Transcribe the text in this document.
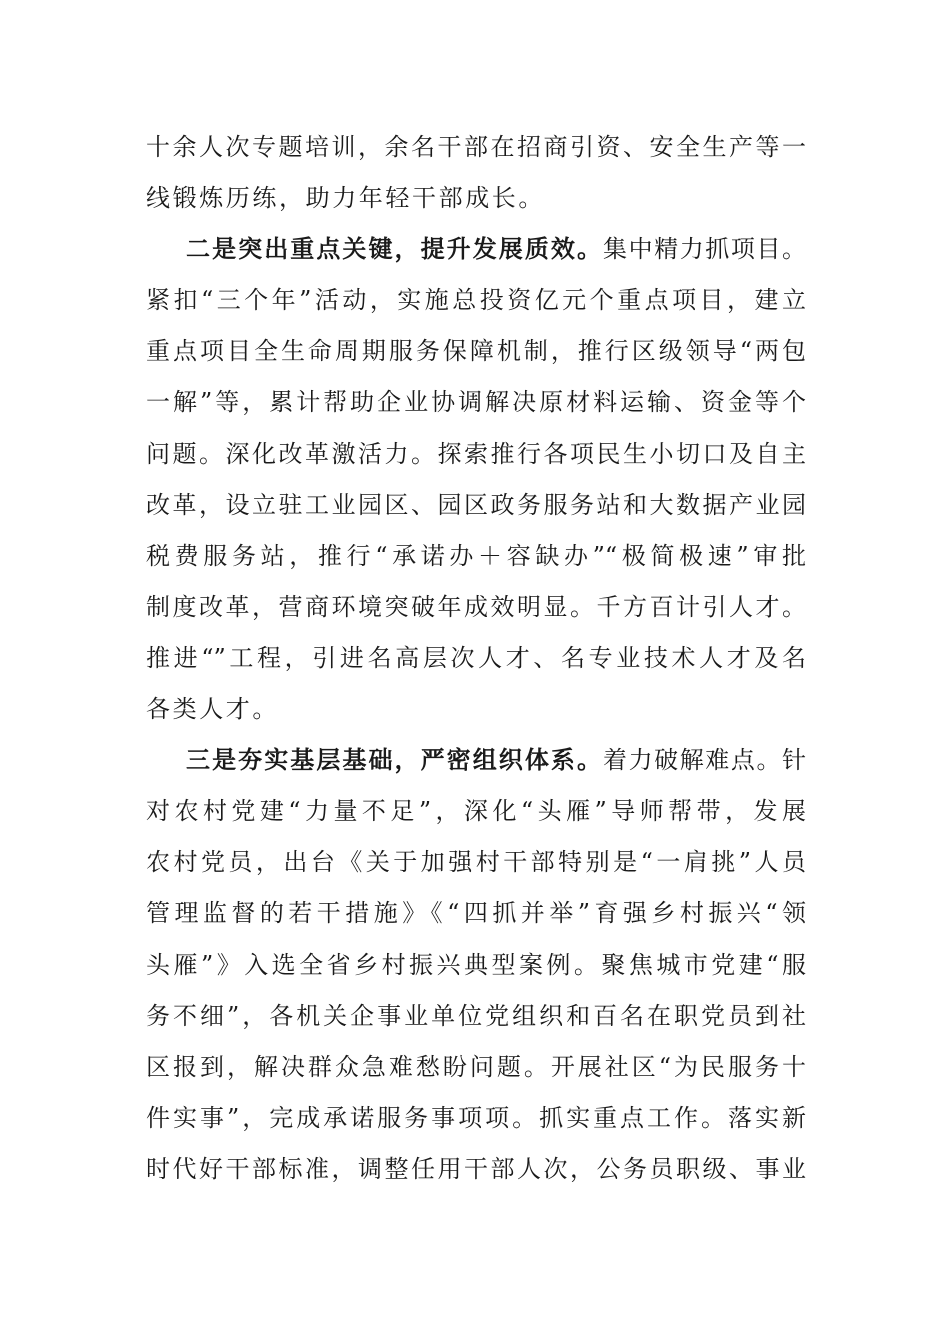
十余人次专题培训，余名干部在招商引资、安全生产等一
线锻炼历练，助力年轻干部成长。
二是突出重点关键，提升发展质效。集中精力抓项目。
紧扣“三个年”活动，实施总投资亿元个重点项目，建立
重点项目全生命周期服务保障机制，推行区级领导“两包
一解”等，累计帮助企业协调解决原材料运输、资金等个
问题。深化改革激活力。探索推行各项民生小切口及自主
改革，设立驻工业园区、园区政务服务站和大数据产业园
税费服务站，推行“承诺办＋容缺办”“极简极速”审批
制度改革，营商环境突破年成效明显。千方百计引人才。
推进“”工程，引进名高层次人才、名专业技术人才及名
各类人才。
三是夯实基层基础，严密组织体系。着力破解难点。针
对农村党建“力量不足”，深化“头雁”导师帮带，发展
农村党员，出台《关于加强村干部特别是“一肩挑”人员
管理监督的若干措施》《“四抓并举”育强乡村振兴“领
头雁”》入选全省乡村振兴典型案例。聚焦城市党建“服
务不细”，各机关企事业单位党组织和百名在职党员到社
区报到，解决群众急难愁盼问题。开展社区“为民服务十
件实事”，完成承诺服务事项项。抓实重点工作。落实新
时代好干部标准，调整任用干部人次，公务员职级、事业
